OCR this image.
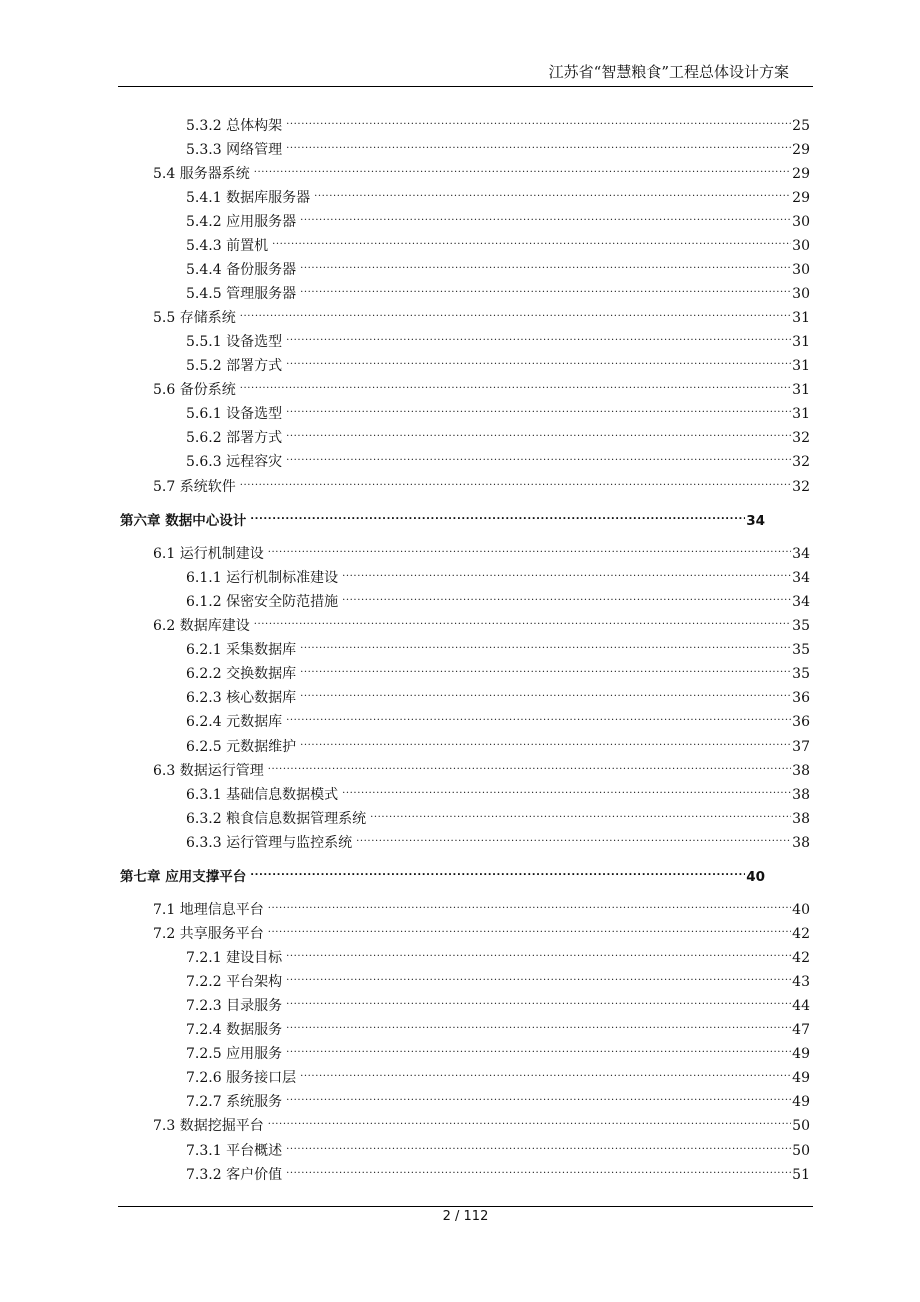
江苏省“智慧粮食”工程总体设计方案
5.3.2 总体构架 .....	25
5.3.3 网络管理 .....	29
5.4 服务器系统 .....	29
5.4.1 数据库服务器 .....	29
5.4.2 应用服务器 .....	30
5.4.3 前置机 .....	30
5.4.4 备份服务器 .....	30
5.4.5 管理服务器 .....	30
5.5 存储系统 .....	31
5.5.1 设备选型 .....	31
5.5.2 部署方式 .....	31
5.6 备份系统 .....	31
5.6.1 设备选型 .....	31
5.6.2 部署方式 .....	32
5.6.3 远程容灾 .....	32
5.7 系统软件 .....	32
第六章 数据中心设计 .....	34
6.1 运行机制建设 .....	34
6.1.1 运行机制标准建设 .....	34
6.1.2 保密安全防范措施 .....	34
6.2 数据库建设 .....	35
6.2.1 采集数据库 .....	35
6.2.2 交换数据库 .....	35
6.2.3 核心数据库 .....	36
6.2.4 元数据库 .....	36
6.2.5 元数据维护 .....	37
6.3 数据运行管理 .....	38
6.3.1 基础信息数据模式 .....	38
6.3.2 粮食信息数据管理系统 .....	38
6.3.3 运行管理与监控系统 .....	38
第七章 应用支撑平台 .....	40
7.1 地理信息平台 .....	40
7.2 共享服务平台 .....	42
7.2.1 建设目标 .....	42
7.2.2 平台架构 .....	43
7.2.3 目录服务 .....	44
7.2.4 数据服务 .....	47
7.2.5 应用服务 .....	49
7.2.6 服务接口层 .....	49
7.2.7 系统服务 .....	49
7.3 数据挖掘平台 .....	50
7.3.1 平台概述 .....	50
7.3.2 客户价值 .....	51
2 / 112
